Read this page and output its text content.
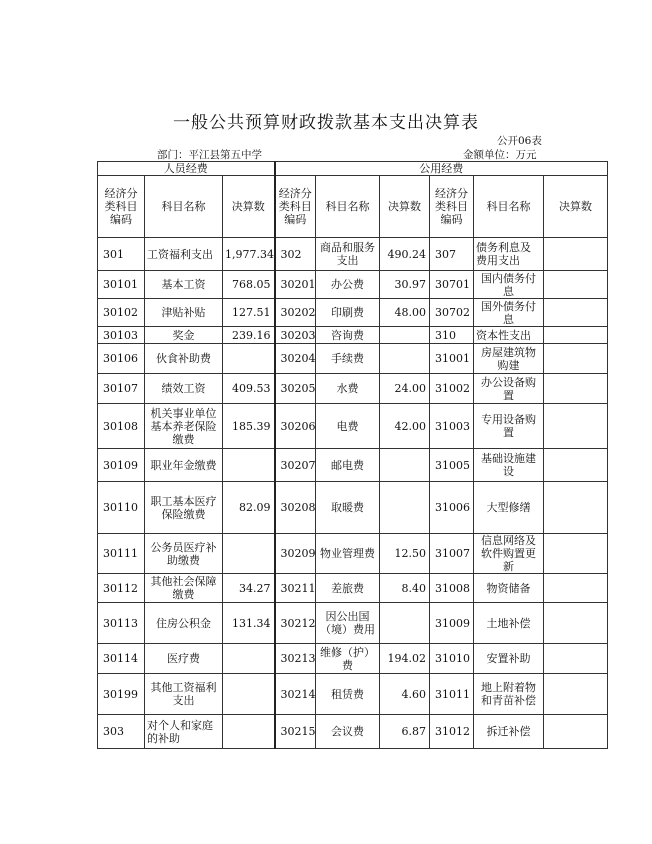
一般公共预算财政拨款基本支出决算表
公开06表
部门：平江县第五中学	金额单位：万元
人员经费			公用经费					
经济分类科目编码	科目名称	决算数	经济分类科目编码	科目名称	决算数	经济分类科目编码	科目名称	决算数
301	工资福利支出	1,977.34	302	商品和服务支出	490.24	307	债务利息及费用支出	
30101	基本工资	768.05	30201	办公费	30.97	30701	国内债务付息	
30102	津贴补贴	127.51	30202	印刷费	48.00	30702	国外债务付息	
30103	奖金	239.16	30203	咨询费		310	资本性支出	
30106	伙食补助费		30204	手续费		31001	房屋建筑物购建	
30107	绩效工资	409.53	30205	水费	24.00	31002	办公设备购置	
30108	机关事业单位基本养老保险缴费	185.39	30206	电费	42.00	31003	专用设备购置	
30109	职业年金缴费		30207	邮电费		31005	基础设施建设	
30110	职工基本医疗保险缴费	82.09	30208	取暖费		31006	大型修缮	
30111	公务员医疗补助缴费		30209	物业管理费	12.50	31007	信息网络及软件购置更新	
30112	其他社会保障缴费	34.27	30211	差旅费	8.40	31008	物资储备	
30113	住房公积金	131.34	30212	因公出国（境）费用		31009	土地补偿	
30114	医疗费		30213	维修（护）费	194.02	31010	安置补助	
30199	其他工资福利支出		30214	租赁费	4.60	31011	地上附着物和青苗补偿	
303	对个人和家庭的补助		30215	会议费	6.87	31012	拆迁补偿	
